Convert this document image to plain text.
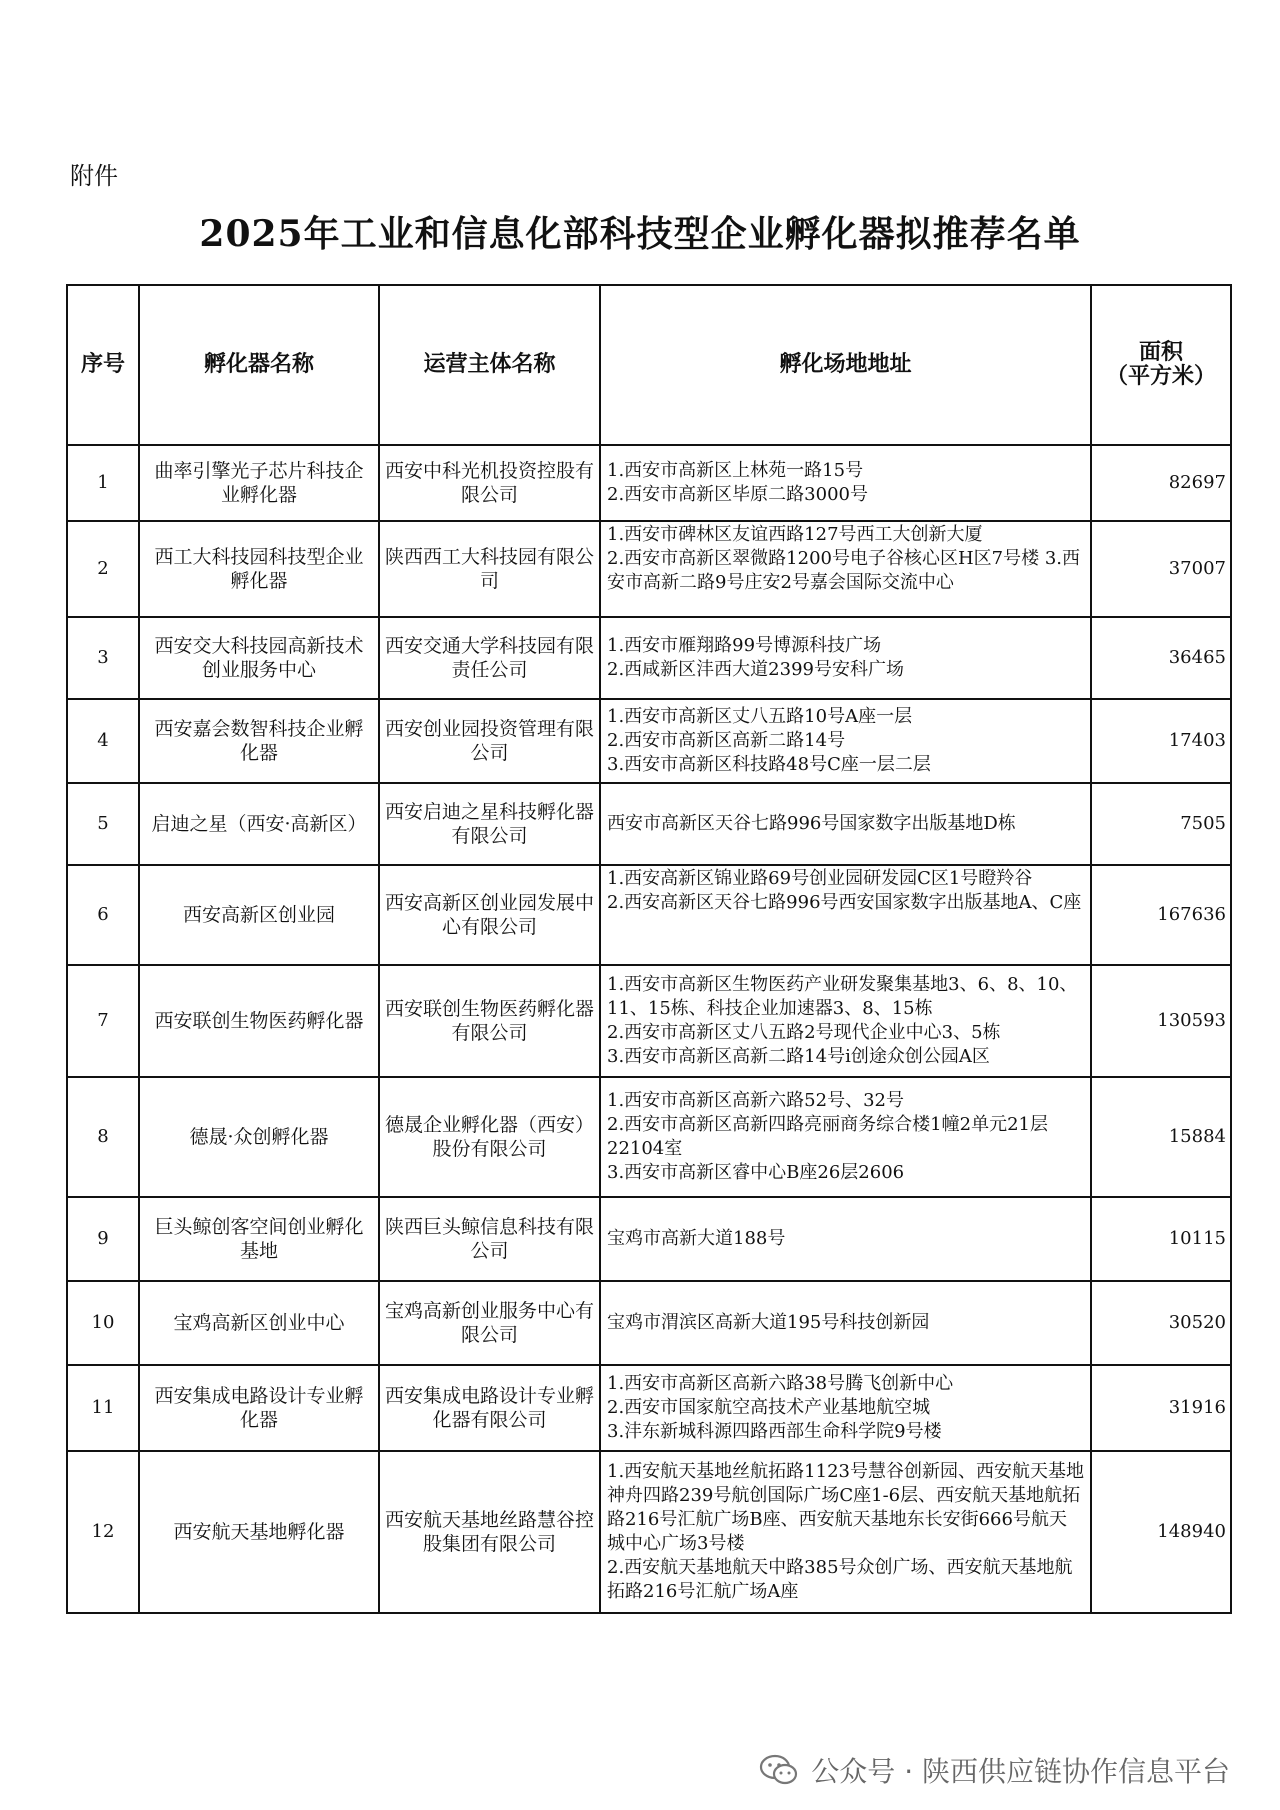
附件
2025年工业和信息化部科技型企业孵化器拟推荐名单
序号	孵化器名称	运营主体名称	孵化场地地址	面积
（平方米）

1	曲率引擎光子芯片科技企业孵化器	西安中科光机投资控股有限公司	1.西安市高新区上林苑一路15号
2.西安市高新区毕原二路3000号	82697
2	西工大科技园科技型企业孵化器	陕西西工大科技园有限公司	1.西安市碑林区友谊西路127号西工大创新大厦
2.西安市高新区翠微路1200号电子谷核心区H区7号楼 3.西安市高新二路9号庄安2号嘉会国际交流中心	37007
3	西安交大科技园高新技术创业服务中心	西安交通大学科技园有限责任公司	1.西安市雁翔路99号博源科技广场
2.西咸新区沣西大道2399号安科广场	36465
4	西安嘉会数智科技企业孵化器	西安创业园投资管理有限公司	1.西安市高新区丈八五路10号A座一层
2.西安市高新区高新二路14号
3.西安市高新区科技路48号C座一层二层	17403
5	启迪之星（西安·高新区）	西安启迪之星科技孵化器有限公司	西安市高新区天谷七路996号国家数字出版基地D栋	7505
6	西安高新区创业园	西安高新区创业园发展中心有限公司	1.西安高新区锦业路69号创业园研发园C区1号瞪羚谷
2.西安高新区天谷七路996号西安国家数字出版基地A、C座	167636
7	西安联创生物医药孵化器	西安联创生物医药孵化器有限公司	1.西安市高新区生物医药产业研发聚集基地3、6、8、10、11、15栋、科技企业加速器3、8、15栋
2.西安市高新区丈八五路2号现代企业中心3、5栋
3.西安市高新区高新二路14号i创途众创公园A区	130593
8	德晟·众创孵化器	德晟企业孵化器（西安）股份有限公司	1.西安市高新区高新六路52号、32号
2.西安市高新区高新四路亮丽商务综合楼1幢2单元21层22104室
3.西安市高新区睿中心B座26层2606	15884
9	巨头鲸创客空间创业孵化基地	陕西巨头鲸信息科技有限公司	宝鸡市高新大道188号	10115
10	宝鸡高新区创业中心	宝鸡高新创业服务中心有限公司	宝鸡市渭滨区高新大道195号科技创新园	30520
11	西安集成电路设计专业孵化器	西安集成电路设计专业孵化器有限公司	1.西安市高新区高新六路38号腾飞创新中心
2.西安市国家航空高技术产业基地航空城
3.沣东新城科源四路西部生命科学院9号楼	31916
12	西安航天基地孵化器	西安航天基地丝路慧谷控股集团有限公司	1.西安航天基地丝航拓路1123号慧谷创新园、西安航天基地神舟四路239号航创国际广场C座1-6层、西安航天基地航拓路216号汇航广场B座、西安航天基地东长安街666号航天城中心广场3号楼
2.西安航天基地航天中路385号众创广场、西安航天基地航拓路216号汇航广场A座	148940
公众号 · 陕西供应链协作信息平台
